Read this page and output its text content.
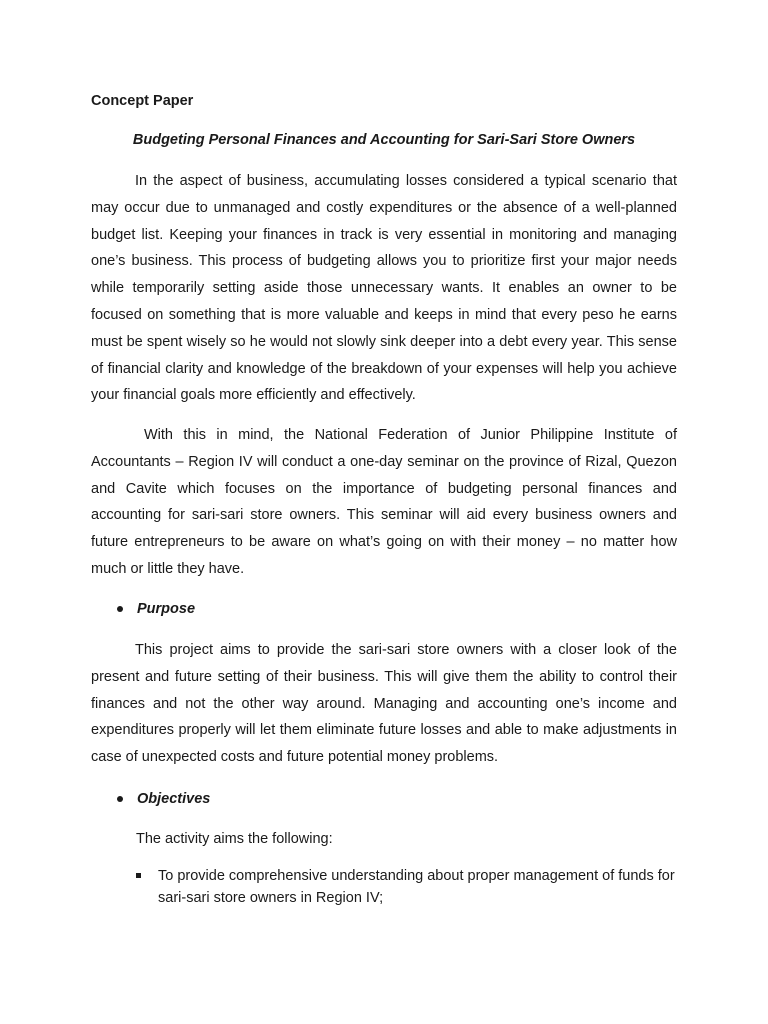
Concept Paper

Budgeting Personal Finances and Accounting for Sari-Sari Store Owners

In the aspect of business, accumulating losses considered a typical scenario that may occur due to unmanaged and costly expenditures or the absence of a well-planned budget list. Keeping your finances in track is very essential in monitoring and managing one’s business. This process of budgeting allows you to prioritize first your major needs while temporarily setting aside those unnecessary wants. It enables an owner to be focused on something that is more valuable and keeps in mind that every peso he earns must be spent wisely so he would not slowly sink deeper into a debt every year. This sense of financial clarity and knowledge of the breakdown of your expenses will help you achieve your financial goals more efficiently and effectively.

With this in mind, the National Federation of Junior Philippine Institute of Accountants – Region IV will conduct a one-day seminar on the province of Rizal, Quezon and Cavite which focuses on the importance of budgeting personal finances and accounting for sari-sari store owners. This seminar will aid every business owners and future entrepreneurs to be aware on what’s going on with their money – no matter how much or little they have.

Purpose

This project aims to provide the sari-sari store owners with a closer look of the present and future setting of their business. This will give them the ability to control their finances and not the other way around. Managing and accounting one’s income and expenditures properly will let them eliminate future losses and able to make adjustments in case of unexpected costs and future potential money problems.

Objectives

The activity aims the following:

To provide comprehensive understanding about proper management of funds for sari-sari store owners in Region IV;
